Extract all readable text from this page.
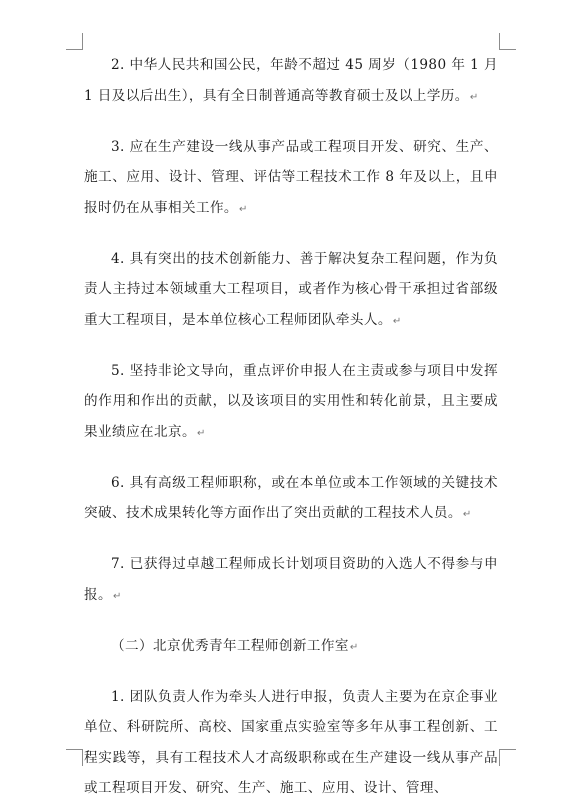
2. 中华人民共和国公民，年龄不超过 45 周岁（1980 年 1 月 1 日及以后出生），具有全日制普通高等教育硕士及以上学历。↵

3. 应在生产建设一线从事产品或工程项目开发、研究、生产、施工、应用、设计、管理、评估等工程技术工作 8 年及以上，且申报时仍在从事相关工作。↵

4. 具有突出的技术创新能力、善于解决复杂工程问题，作为负责人主持过本领域重大工程项目，或者作为核心骨干承担过省部级重大工程项目，是本单位核心工程师团队牵头人。↵

5. 坚持非论文导向，重点评价申报人在主责或参与项目中发挥的作用和作出的贡献，以及该项目的实用性和转化前景，且主要成果业绩应在北京。↵

6. 具有高级工程师职称，或在本单位或本工作领域的关键技术突破、技术成果转化等方面作出了突出贡献的工程技术人员。↵

7. 已获得过卓越工程师成长计划项目资助的入选人不得参与申报。↵

（二）北京优秀青年工程师创新工作室↵

1. 团队负责人作为牵头人进行申报，负责人主要为在京企事业单位、科研院所、高校、国家重点实验室等多年从事工程创新、工程实践等，具有工程技术人才高级职称或在生产建设一线从事产品或工程项目开发、研究、生产、施工、应用、设计、管理、
